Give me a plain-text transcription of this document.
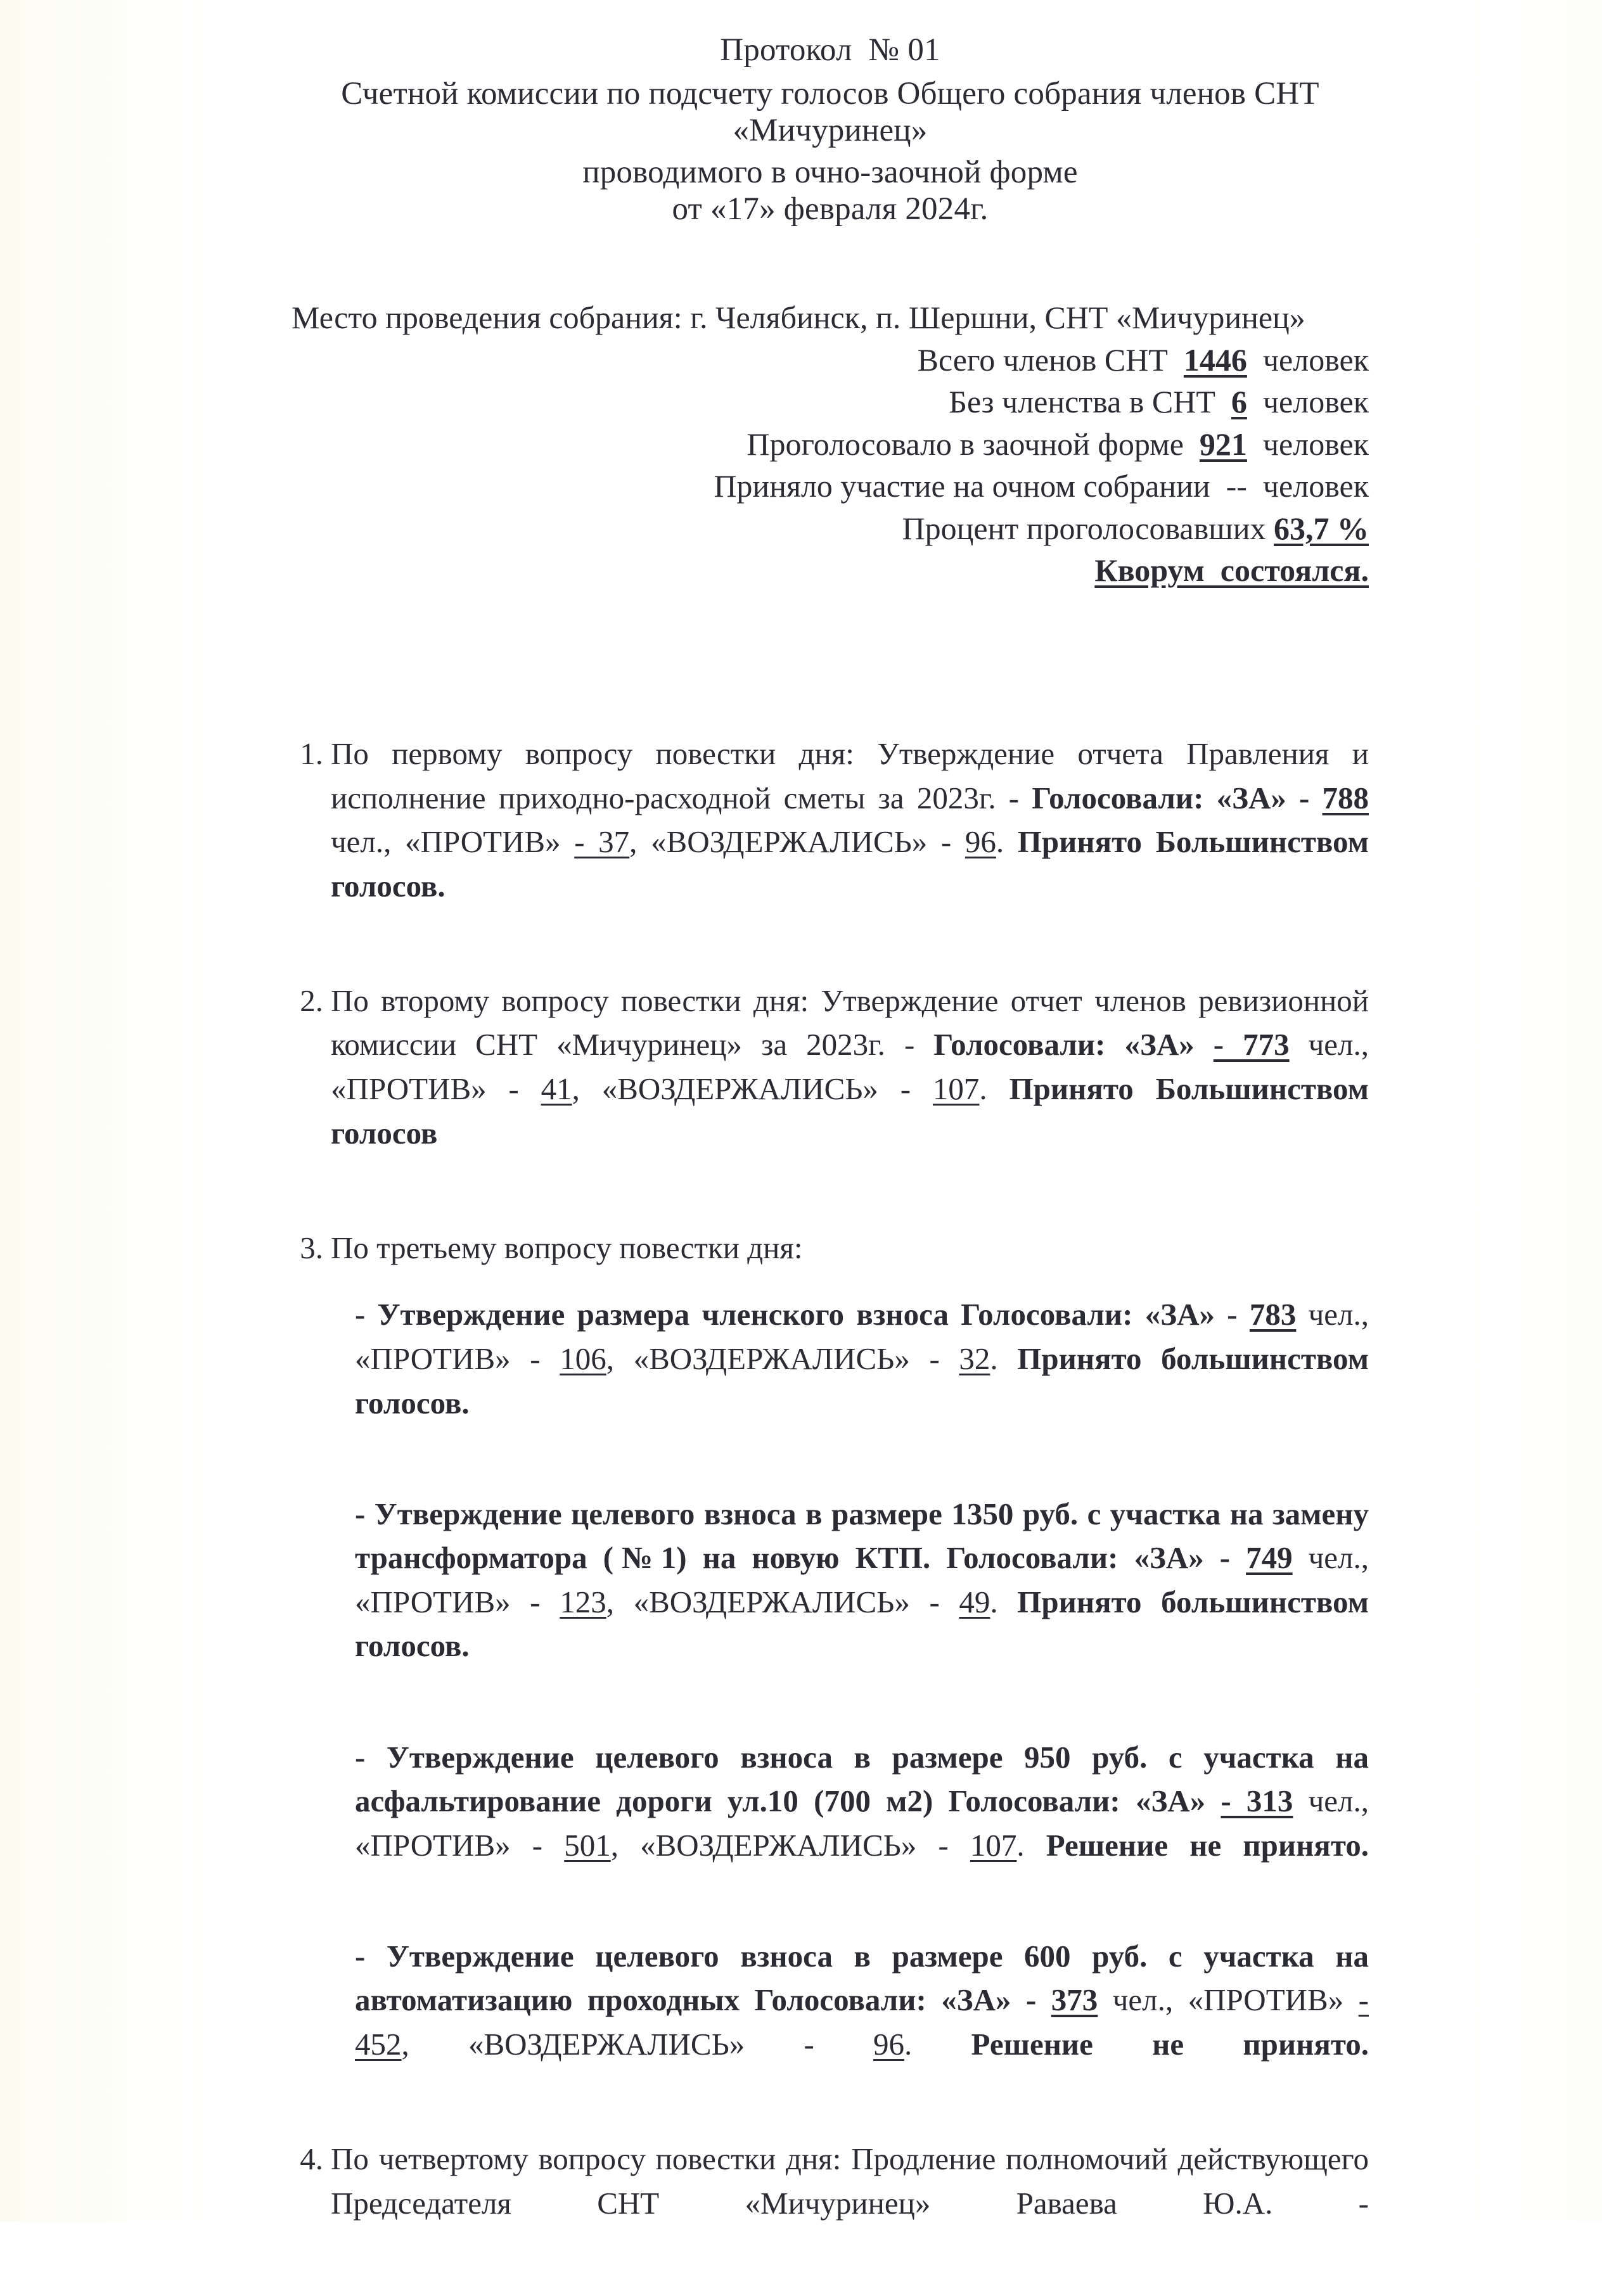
Протокол  № 01
Счетной комиссии по подсчету голосов Общего собрания членов СНТ
«Мичуринец»
проводимого в очно-заочной форме
от «17» февраля 2024г.
Место проведения собрания: г. Челябинск, п. Шершни, СНТ «Мичуринец»
Всего членов СНТ 1446 человек
Без членства в СНТ 6 человек
Проголосовало в заочной форме 921 человек
Приняло участие на очном собрании -- человек
Процент проголосовавших 63,7 %
Кворум  состоялся.
1. По первому вопросу повестки дня: Утверждение отчета Правления и исполнение приходно-расходной сметы за 2023г. - Голосовали: «ЗА» - 788 чел., «ПРОТИВ» - 37, «ВОЗДЕРЖАЛИСЬ» - 96. Принято Большинством голосов.

2. По второму вопросу повестки дня: Утверждение отчет членов ревизионной комиссии СНТ «Мичуринец» за 2023г. - Голосовали: «ЗА» - 773 чел., «ПРОТИВ» - 41, «ВОЗДЕРЖАЛИСЬ» - 107. Принято Большинством голосов

3. По третьему вопросу повестки дня:

- Утверждение размера членского взноса Голосовали: «ЗА» - 783 чел., «ПРОТИВ» - 106, «ВОЗДЕРЖАЛИСЬ» - 32. Принято большинством голосов.

- Утверждение целевого взноса в размере 1350 руб. с участка на замену трансформатора (№1) на новую КТП. Голосовали: «ЗА» - 749 чел., «ПРОТИВ» - 123, «ВОЗДЕРЖАЛИСЬ» - 49. Принято большинством голосов.

- Утверждение целевого взноса в размере 950 руб. с участка на асфальтирование дороги ул.10 (700 м2) Голосовали: «ЗА» - 313 чел., «ПРОТИВ» - 501, «ВОЗДЕРЖАЛИСЬ» - 107. Решение не принято.

- Утверждение целевого взноса в размере 600 руб. с участка на автоматизацию проходных Голосовали: «ЗА» - 373 чел., «ПРОТИВ» - 452, «ВОЗДЕРЖАЛИСЬ» - 96. Решение не принято.

4. По четвертому вопросу повестки дня: Продление полномочий действующего Председателя СНТ «Мичуринец» Раваева Ю.А. -
